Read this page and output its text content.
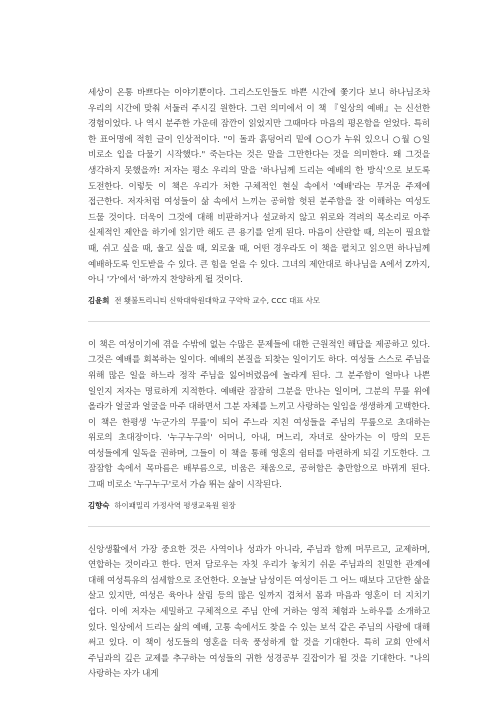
세상이 온통 바쁘다는 이야기뿐이다. 그리스도인들도 바쁜 시간에 쫓기다 보니 하나님조차 우리의 시간에 맞춰 서둘러 주시길 원한다. 그런 의미에서 이 책 『일상의 예배』는 신선한 경험이었다. 나 역시 분주한 가운데 잠깐이 읽었지만 그때마다 마음의 평온함을 얻었다. 특히 한 표어명에 적힌 글이 인상적이다. "이 돌과 흙덩어리 밑에 ○○가 누워 있으니 ○월 ○일 비로소 입을 다물기 시작했다." 죽는다는 것은 말을 그만한다는 것을 의미한다. 왜 그것을 생각하지 못했을까! 저자는 평소 우리의 말을 '하나님께 드리는 예배의 한 방식'으로 보도록 도전한다. 이렇듯 이 책은 우리가 처한 구체적인 현실 속에서 '예배'라는 무거운 주제에 접근한다. 저자처럼 여성들이 삶 속에서 느끼는 공허함 헛된 분주함을 잘 이해하는 여성도 드물 것이다. 더욱이 그것에 대해 비판하거나 설교하지 않고 위로와 격려의 목소리로 아주 실제적인 제안을 하기에 읽기만 해도 큰 용기를 얻게 된다. 마음이 산란할 때, 의논이 필요할 때, 쉬고 싶을 때, 울고 싶을 때, 외로울 때, 어떤 경우라도 이 책을 펼치고 읽으면 하나님께 예배하도록 인도받을 수 있다. 큰 힘을 얻을 수 있다. 그녀의 제안대로 하나님을 A에서 Z까지, 아니 '가'에서 '하'까지 찬양하게 될 것이다.

김윤희 전 횃불트리니티 신학대학원대학교 구약학 교수, CCC 대표 사모

이 책은 여성이기에 겪을 수밖에 없는 수많은 문제들에 대한 근원적인 해답을 제공하고 있다. 그것은 예배를 회복하는 일이다. 예배의 본질을 되찾는 일이기도 하다. 여성들 스스로 주님을 위해 많은 일을 하느라 정작 주님을 잃어버렸음에 놀라게 된다. 그 분주함이 얼마나 나쁜 일인지 저자는 명료하게 지적한다. 예배란 잠잠히 그분을 만나는 일이며, 그분의 무릎 위에 올라가 얼굴과 얼굴을 마주 대하면서 그분 자체를 느끼고 사랑하는 일임을 생생하게 고백한다. 이 책은 한평생 '누군가의 무릎'이 되어 주느라 지친 여성들을 주님의 무릎으로 초대하는 위로의 초대장이다. '누구누구의' 어머니, 아내, 며느리, 자녀로 살아가는 이 땅의 모든 여성들에게 일독을 권하며, 그들이 이 책을 통해 영혼의 쉼터를 마련하게 되길 기도한다. 그 잠잠함 속에서 목마름은 배부름으로, 비움은 채움으로, 공허함은 충만함으로 바뀌게 된다. 그때 비로소 '누구누구'로서 가슴 뛰는 삶이 시작된다.

김향숙 하이패밀리 가정사역 평생교육원 원장

신앙생활에서 가장 중요한 것은 사역이나 성과가 아니라, 주님과 함께 머무르고, 교제하며, 연합하는 것이라고 한다. 먼저 담로우는 자칫 우리가 놓치기 쉬운 주님과의 친밀한 관계에 대해 여성특유의 섬세함으로 조언한다. 오늘날 남성이든 여성이든 그 어느 때보다 고단한 삶을 살고 있지만, 여성은 육아나 살림 등의 많은 일까지 겹쳐서 몸과 마음과 영혼이 더 지치기 쉽다. 이에 저자는 세밀하고 구체적으로 주님 안에 거하는 영적 체험과 노하우를 소개하고 있다. 일상에서 드리는 삶의 예배, 고통 속에서도 찾을 수 있는 보석 같은 주님의 사랑에 대해 써고 있다. 이 책이 성도들의 영혼을 더욱 풍성하게 할 것을 기대한다. 특히 교회 안에서 주님과의 깊은 교제를 추구하는 여성들의 귀한 성경공부 길잡이가 될 것을 기대한다. "나의 사랑하는 자가 내게
